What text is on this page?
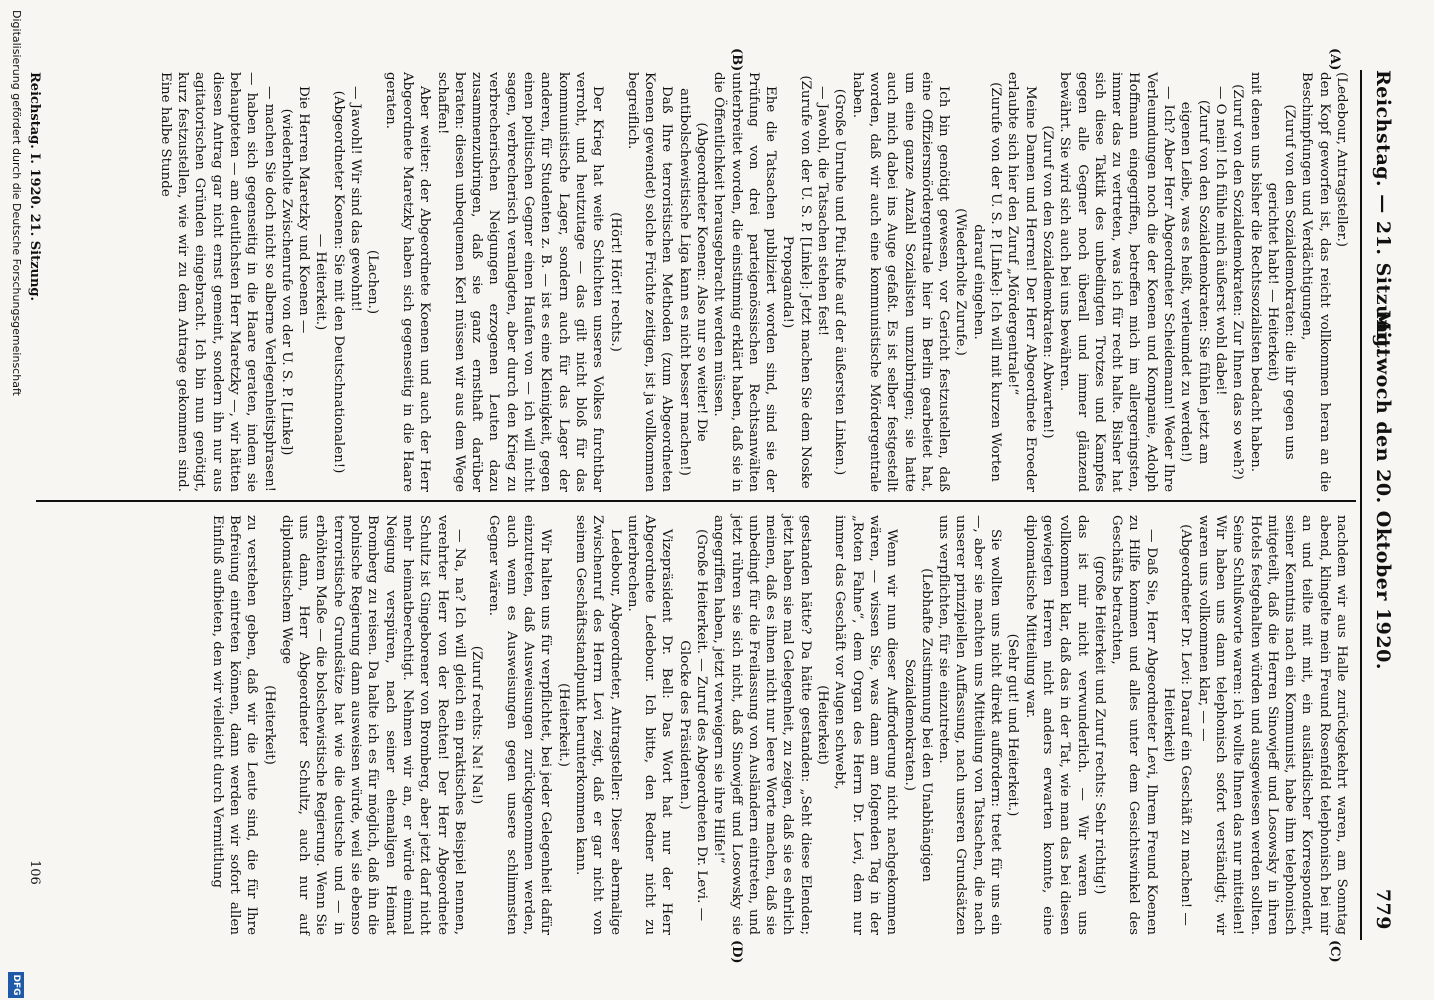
Reichstag. — 21. Sitzung.
Mittwoch den 20. Oktober 1920.
779
(A)
(B)
(C)
(D)

(Ledebour, Antragsteller.)

den Kopf geworfen ist, das reicht vollkommen heran an die Beschimpfungen und Verdächtigungen,

(Zuruf von den Sozialdemokraten: die ihr gegen uns gerichtet habt! — Heiterkeit)

mit denen uns bisher die Rechtssozialisten bedacht haben.

(Zuruf von den Sozialdemokraten: Zur Ihnen das so weh?)

— O nein! Ich fühle mich äußerst wohl dabei!

(Zuruf von den Sozialdemokraten: Sie fühlen jetzt am eigenen Leibe, was es heißt, verleumdet zu werden!)

— Ich? Aber Herr Abgeordneter Scheidemann! Weder Ihre Verleumdungen noch die der Koenen und Kompanie, Adolph Hoffmann eingegriffen, betreffen mich im allergeringsten, immer das zu vertreten, was ich für recht halte. Bisher hat sich diese Taktik des unbedingten Trotzes und Kampfes gegen alle Gegner noch überall und immer glänzend bewährt. Sie wird sich auch bei uns bewähren.

(Zuruf von den Sozialdemokraten: Abwarten!)

Meine Damen und Herren! Der Herr Abgeordnete Eroeder erlaubte sich hier den Zuruf „Mördergentrale!“

(Zurufe von der U. S. P. [Linke]: Ich will mit kurzen Worten darauf eingehen.

(Wiederholte Zurufe.)

Ich bin genötigt gewesen, vor Gericht festzustellen, daß eine Offiziersmördergentrale hier in Berlin gearbeitet hat, um eine ganze Anzahl Sozialisten umzubringen; sie hatte auch mich dabei ins Auge gefaßt. Es ist selber festgestellt worden, daß wir auch eine kommunistische Mördergentrale haben.

(Große Unruhe und Pfui-Rufe auf der äußersten Linken.)

— Jawohl, die Tatsachen stehen fest!

(Zurufe von der U. S. P. [Linke]: Jetzt machen Sie dem Noske Propaganda!)

Ehe die Tatsachen publiziert worden sind, sind sie der Prüfung von drei parteigenössischen Rechtsanwälten unterbreitet worden, die einstimmig erklärt haben, daß sie in die Öffentlichkeit herausgebracht werden müssen.

(Abgeordneter Koenen: Also nur so weiter! Die antibolschewistische Liga kann es nicht besser machen!)

Daß Ihre terroristischen Methoden (zum Abgeordneten Koenen gewendet) solche Früchte zeitigen, ist ja vollkommen begreiflich.

(Hört! Hört! rechts.)

Der Krieg hat weite Schichten unseres Volkes furchtbar verroht, und heutzutage — das gilt nicht bloß für das kommunistische Lager, sondern auch für das Lager der anderen, für Studenten z. B. — ist es eine Kleinigkeit, gegen einen politischen Gegner einen Haufen von — ich will nicht sagen, verbrecherisch veranlagten, aber durch den Krieg zu verbrecherischen Neigungen erzogenen Leuten dazu zusammenzubringen, daß sie ganz ernsthaft darüber beraten: diesen unbequemen Kerl müssen wir aus dem Wege schaffen!

Aber weiter: der Abgeordnete Koenen und auch der Herr Abgeordnete Maretzky haben sich gegenseitig in die Haare geraten.

(Lachen.)

— Jawohl! Wir sind das gewohnt!

(Abgeordneter Koenen: Sie mit den Deutschnationalen!)

— Heiterkeit.)

Die Herren Maretzky und Koenen —

(wiederholte Zwischenrufe von der U. S. P. [Linke])

— machen Sie doch nicht so alberne Verlegenheitsphrasen! — haben sich gegenseitig in die Haare geraten, indem sie behaupteten — am deutlichsten Herr Maretzky —, wir hätten diesen Antrag gar nicht ernst gemeint, sondern ihn nur aus agitatorischen Gründen eingebracht. Ich bin nun genötigt, kurz festzustellen, wie wir zu dem Antrage gekommen sind. Eine halbe Stunde

nachdem wir aus Halle zurückgekehrt waren, am Sonntag abend, klingelte mein Freund Rosenfeld telephonisch bei mir an und teilte mit mit, ein ausländischer Korrespondent, seiner Kenntnis nach ein Kommunist, habe ihm telephonisch mitgeteilt, daß die Herren Sinowjeff und Losowsky in ihren Hotels festgehalten würden und ausgewiesen werden sollten. Seine Schlußworte waren: ich wollte Ihnen das nur mitteilen! Wir haben uns dann telephonisch sofort verständigt; wir waren uns vollkommen klar, — —

(Abgeordneter Dr. Levi: Darauf ein Geschäft zu machen! — Heiterkeit)

— Daß Sie, Herr Abgeordneter Levi, Ihrem Freund Koenen zu Hilfe kommen und alles unter dem Gesichtswinkel des Geschäfts betrachten,

(große Heiterkeit und Zuruf rechts: Sehr richtig!)

das ist mir nicht verwunderlich. — Wir waren uns vollkommen klar, daß das in der Tat, wie man das bei diesen gewiegten Herren nicht anders erwarten konnte, eine diplomatische Mitteilung war.

(Sehr gut! und Heiterkeit.)

Sie wollten uns nicht direkt auffordern: tretet für uns ein —, aber sie machten uns Mitteilung von Tatsachen, die nach unserer prinzipiellen Auffassung, nach unseren Grundsätzen uns verpflichten, für sie einzutreten.

(Lebhafte Zustimmung bei den Unabhängigen Sozialdemokraten.)

Wenn wir nun dieser Aufforderung nicht nachgekommen wären, — wissen Sie, was dann am folgenden Tag in der „Roten Fahne“, dem Organ des Herrn Dr. Levi, dem nur immer das Geschäft vor Augen schwebt,

(Heiterkeit)

gestanden hätte? Da hätte gestanden: „Seht diese Elenden; jetzt haben sie mal Gelegenheit, zu zeigen, daß sie es ehrlich meinen, daß es ihnen nicht nur leere Worte machen, daß sie unbedingt für die Freilassung von Ausländern eintreten, und jetzt rühren sie sich nicht, daß Sinowjeff und Losowsky sie angegriffen haben, jetzt verweigern sie ihre Hilfe!“

(Große Heiterkeit. — Zuruf des Abgeordneten Dr. Levi. — Glocke des Präsidenten.)

Vizepräsident Dr. Bell: Das Wort hat nur der Herr Abgeordnete Ledebour. Ich bitte, den Redner nicht zu unterbrechen.

Ledebour, Abgeordneter, Antragsteller: Dieser abermalige Zwischenruf des Herrn Levi zeigt, daß er gar nicht von seinem Geschäftsstandpunkt herunterkommen kann.

(Heiterkeit.)

Wir halten uns für verpflichtet, bei jeder Gelegenheit dafür einzutreten, daß Ausweisungen zurückgenommen werden, auch wenn es Ausweisungen gegen unsere schlimmsten Gegner wären.

(Zuruf rechts: Na! Na!)

— Na, na? Ich will gleich ein praktisches Beispiel nennen, verehrter Herr von der Rechten! Der Herr Abgeordnete Schultz ist Gingeborener von Bromberg, aber jetzt darf nicht mehr heimatberechtigt. Nehmen wir an, er würde einmal Neigung verspüren, nach seiner ehemaligen Heimat Bromberg zu reisen. Da halte ich es für möglich, daß ihn die polnische Regierung dann ausweisen würde, weil sie ebenso terroristische Grundsätze hat wie die deutsche und — in erhöhtem Maße — die bolschewistische Regierung. Wenn Sie uns dann, Herr Abgeordneter Schultz, auch nur auf diplomatischem Wege

(Heiterkeit)

zu verstehen geben, daß wir die Leute sind, die für Ihre Befreiung eintreten können, dann werden wir sofort allen Einfluß aufbieten, den wir vielleicht durch Vermittlung

Reichstag. I. 1920. 21. Sitzung.
106
Digitalisierung gefördert durch die Deutsche Forschungsgemeinschaft
DFG
